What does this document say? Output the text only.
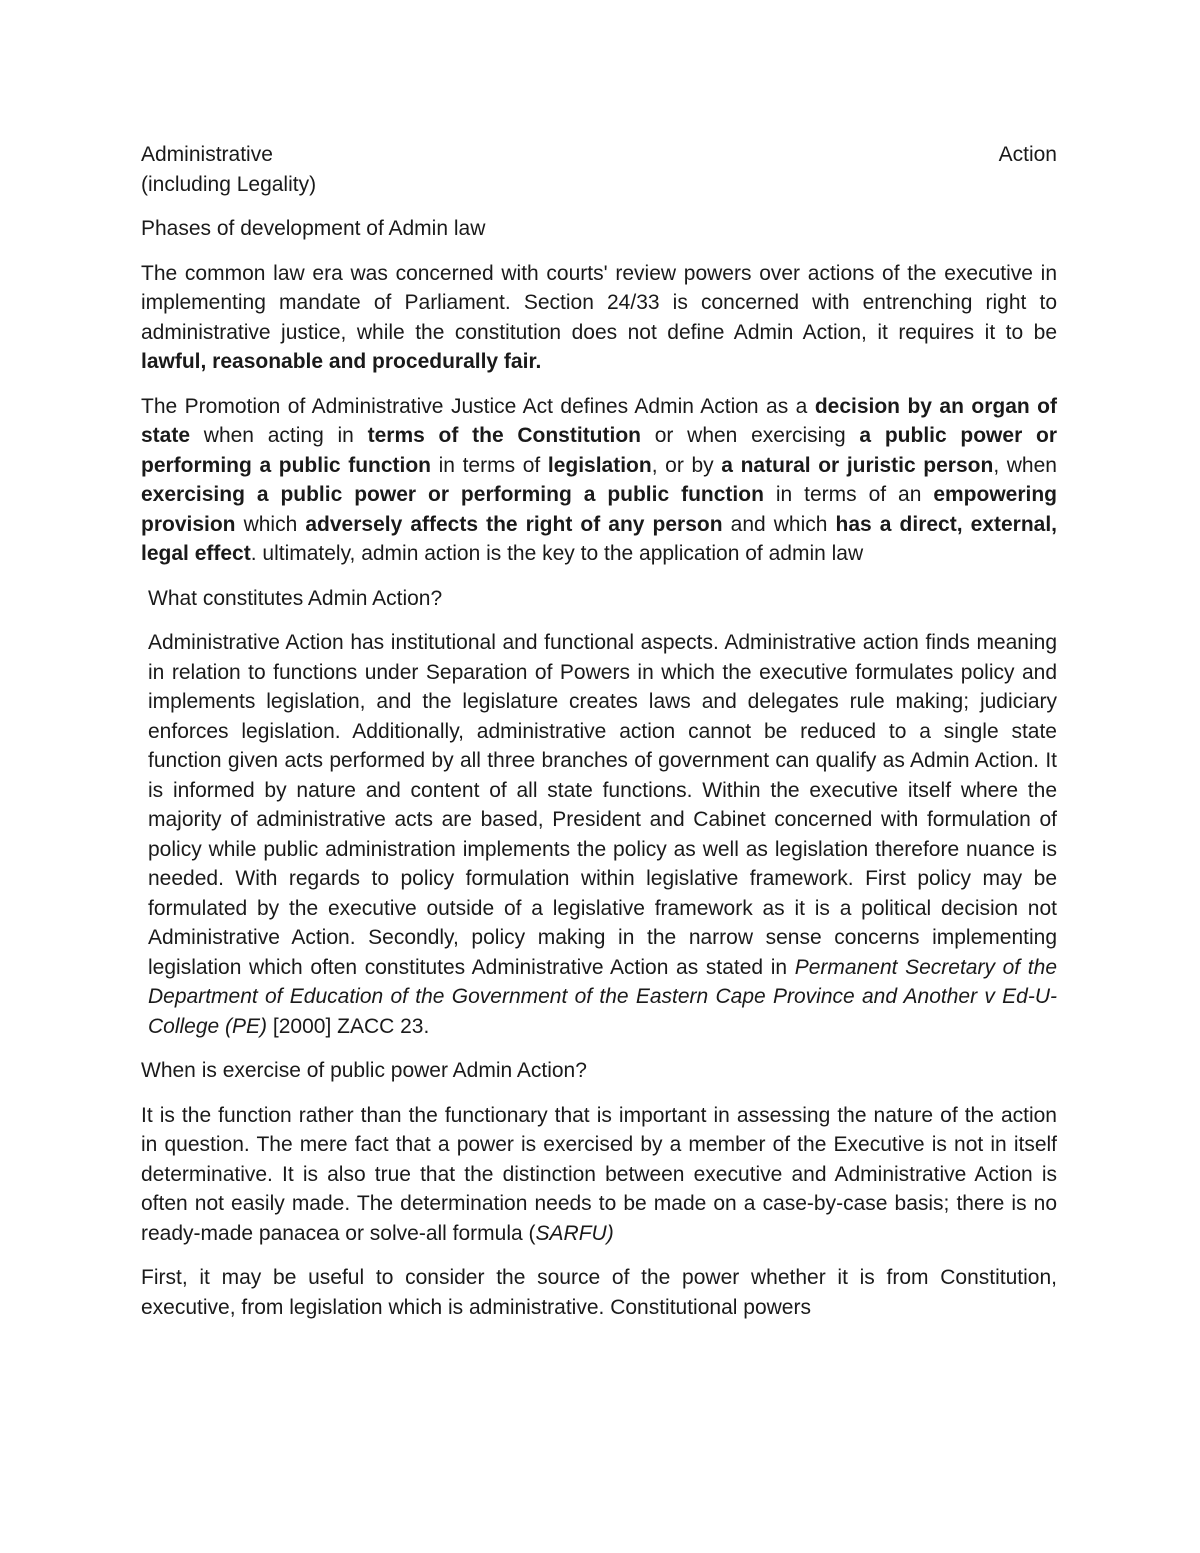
Administrative	Action

(including Legality)

Phases of development of Admin law

The common law era was concerned with courts' review powers over actions of the executive in implementing mandate of Parliament. Section 24/33 is concerned with entrenching right to administrative justice, while the constitution does not define Admin Action, it requires it to be lawful, reasonable and procedurally fair.

The Promotion of Administrative Justice Act defines Admin Action as a decision by an organ of state when acting in terms of the Constitution or when exercising a public power or performing a public function in terms of legislation, or by a natural or juristic person, when exercising a public power or performing a public function in terms of an empowering provision which adversely affects the right of any person and which has a direct, external, legal effect. ultimately, admin action is the key to the application of admin law

What constitutes Admin Action?

Administrative Action has institutional and functional aspects. Administrative action finds meaning in relation to functions under Separation of Powers in which the executive formulates policy and implements legislation, and the legislature creates laws and delegates rule making; judiciary enforces legislation. Additionally, administrative action cannot be reduced to a single state function given acts performed by all three branches of government can qualify as Admin Action. It is informed by nature and content of all state functions. Within the executive itself where the majority of administrative acts are based, President and Cabinet concerned with formulation of policy while public administration implements the policy as well as legislation therefore nuance is needed. With regards to policy formulation within legislative framework. First policy may be formulated by the executive outside of a legislative framework as it is a political decision not Administrative Action. Secondly, policy making in the narrow sense concerns implementing legislation which often constitutes Administrative Action as stated in Permanent Secretary of the Department of Education of the Government of the Eastern Cape Province and Another v Ed-U-College (PE) [2000] ZACC 23.

When is exercise of public power Admin Action?

It is the function rather than the functionary that is important in assessing the nature of the action in question. The mere fact that a power is exercised by a member of the Executive is not in itself determinative. It is also true that the distinction between executive and Administrative Action is often not easily made. The determination needs to be made on a case-by-case basis; there is no ready-made panacea or solve-all formula (SARFU)

First, it may be useful to consider the source of the power whether it is from Constitution, executive, from legislation which is administrative. Constitutional powers
